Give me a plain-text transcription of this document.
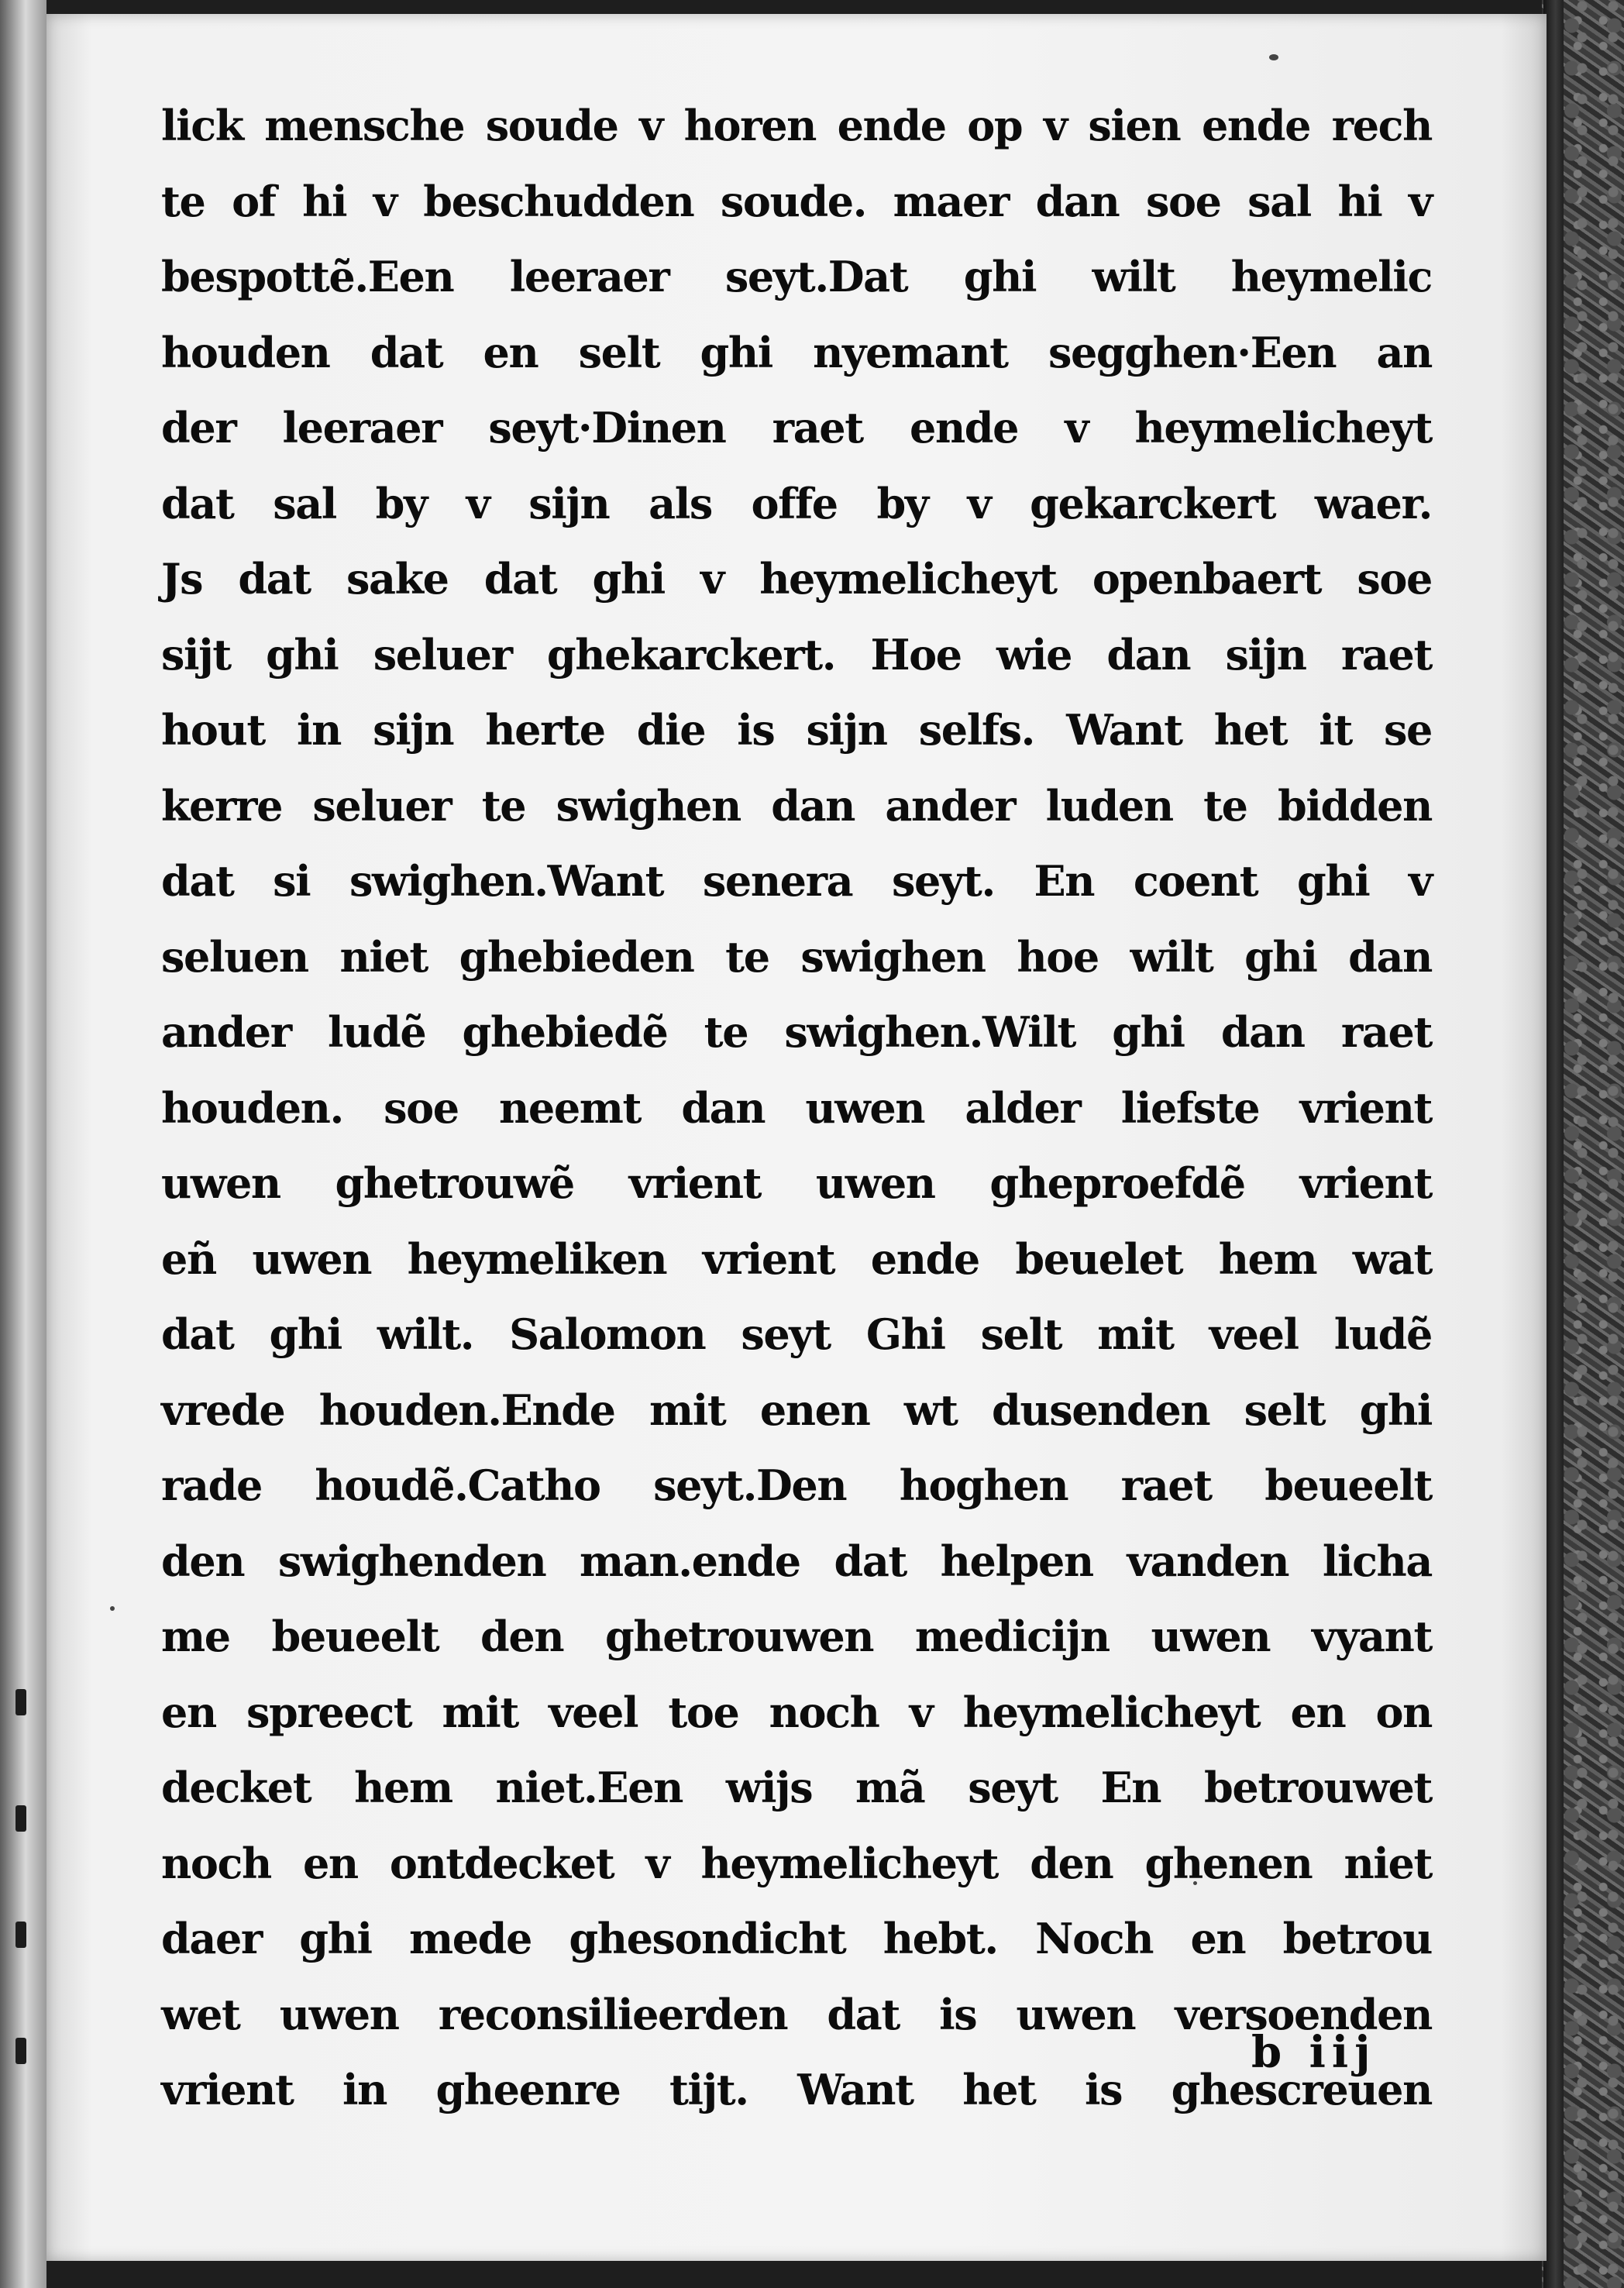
lick mensche soude v horen ende op v sien ende rech
te of hi v beschudden soude. maer dan soe sal hi v
bespottẽ.Een leeraer seyt.Dat ghi wilt heymelic
houden dat en selt ghi nyemant segghen·Een an
der leeraer seyt·Dinen raet ende v heymelicheyt
dat sal by v sijn als offe by v gekarckert waer.
Js dat sake dat ghi v heymelicheyt openbaert soe
sijt ghi seluer ghekarckert. Hoe wie dan sijn raet
hout in sijn herte die is sijn selfs. Want het it se
kerre seluer te swighen dan ander luden te bidden
dat si swighen.Want senera seyt. En coent ghi v
seluen niet ghebieden te swighen hoe wilt ghi dan
ander ludẽ ghebiedẽ te swighen.Wilt ghi dan raet
houden. soe neemt dan uwen alder liefste vrient
uwen ghetrouwẽ vrient uwen gheproefdẽ vrient
eñ uwen heymeliken vrient ende beuelet hem wat
dat ghi wilt. Salomon seyt Ghi selt mit veel ludẽ
vrede houden.Ende mit enen wt dusenden selt ghi
rade houdẽ.Catho seyt.Den hoghen raet beueelt
den swighenden man.ende dat helpen vanden licha
me beueelt den ghetrouwen medicijn uwen vyant
en spreect mit veel toe noch v heymelicheyt en on
decket hem niet.Een wijs mã seyt En betrouwet
noch en ontdecket v heymelicheyt den ghenen niet
daer ghi mede ghesondicht hebt. Noch en betrou
wet uwen reconsilieerden dat is uwen versoenden
vrient in gheenre tijt. Want het is ghescreuen
b iij
